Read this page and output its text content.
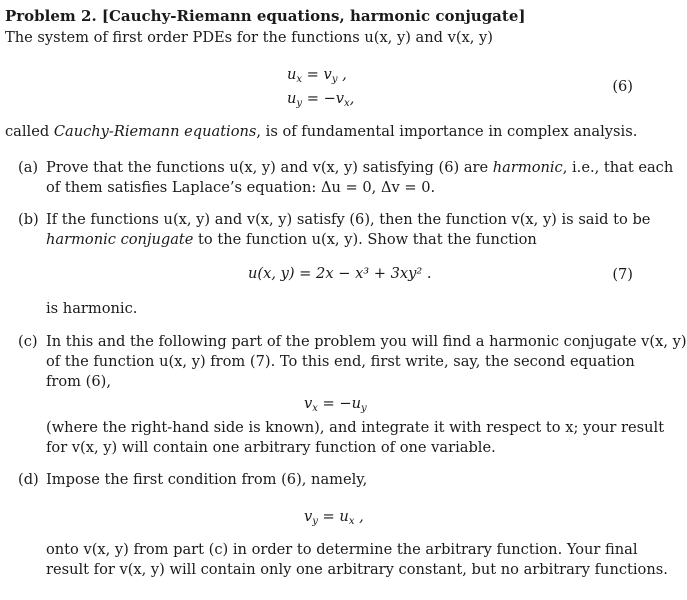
Problem 2. [Cauchy-Riemann equations, harmonic conjugate]
The system of first order PDEs for the functions u(x, y) and v(x, y)
$u_x = v_y$ ,
$u_y = -v_x$,
(6)
called Cauchy-Riemann equations, is of fundamental importance in complex analysis.
(a) Prove that the functions u(x, y) and v(x, y) satisfying (6) are harmonic, i.e., that each
of them satisfies Laplace’s equation: Δu = 0, Δv = 0.
(b) If the functions u(x, y) and v(x, y) satisfy (6), then the function v(x, y) is said to be
harmonic conjugate to the function u(x, y). Show that the function
u(x, y) = 2x − x³ + 3xy² .	(7)
is harmonic.
(c) In this and the following part of the problem you will find a harmonic conjugate v(x, y)
of the function u(x, y) from (7). To this end, first write, say, the second equation
from (6),
$v_x = -u_y$
(where the right-hand side is known), and integrate it with respect to x; your result
for v(x, y) will contain one arbitrary function of one variable.
(d) Impose the first condition from (6), namely,
$v_y = u_x$ ,
onto v(x, y) from part (c) in order to determine the arbitrary function. Your final
result for v(x, y) will contain only one arbitrary constant, but no arbitrary functions.
